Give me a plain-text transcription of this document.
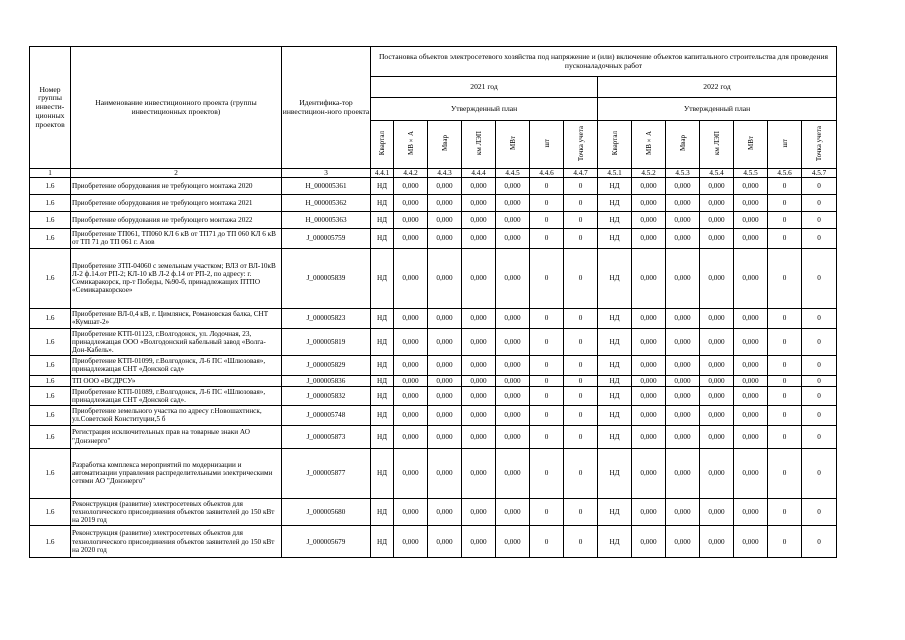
Номер группы инвести-ционных проектов	Наименование инвестиционного проекта (группы инвестиционных проектов)	Идентифика-тор инвестицион-ного проекта	Постановка объектов электросетевого хозяйства под напряжение и (или) включение объектов капитального строительства для проведения пусконаладочных работ													
			2021 год							2022 год						
			Утвержденный план							Утвержденный план						
			Квартал	МВ×А	Мвар	км ЛЭП	МВт	шт	Точка учета	Квартал	МВ×А	Мвар	км ЛЭП	МВт	шт	Точка учета
1	2	3	4.4.1	4.4.2	4.4.3	4.4.4	4.4.5	4.4.6	4.4.7	4.5.1	4.5.2	4.5.3	4.5.4	4.5.5	4.5.6	4.5.7
1.6	Приобретение оборудования не требующего монтажа 2020	H_000005361	НД	0,000	0,000	0,000	0,000	0	0	НД	0,000	0,000	0,000	0,000	0	0
1.6	Приобретение оборудования не требующего монтажа 2021	H_000005362	НД	0,000	0,000	0,000	0,000	0	0	НД	0,000	0,000	0,000	0,000	0	0
1.6	Приобретение оборудования не требующего монтажа 2022	H_000005363	НД	0,000	0,000	0,000	0,000	0	0	НД	0,000	0,000	0,000	0,000	0	0
1.6	Приобретение ТП061, ТП060 КЛ 6 кВ от ТП71 до ТП 060 КЛ 6 кВ от ТП 71 до ТП 061 г. Азов	J_000005759	НД	0,000	0,000	0,000	0,000	0	0	НД	0,000	0,000	0,000	0,000	0	0
1.6	Приобретение ЗТП-04060 с земельным участком; ВЛЗ от ВЛ-10кВ Л-2 ф.14.от РП-2; КЛ-10 кВ Л-2 ф.14 от РП-2, по адресу: г. Семикаракорск, пр-т Победы, №90-б, принадлежащих ПТПО «Семикаракорское»	J_000005839	НД	0,000	0,000	0,000	0,000	0	0	НД	0,000	0,000	0,000	0,000	0	0
1.6	Приобретение ВЛ-0,4 кВ, г. Цимлянск, Романовская балка, СНТ «Кумшат-2»	J_000005823	НД	0,000	0,000	0,000	0,000	0	0	НД	0,000	0,000	0,000	0,000	0	0
1.6	Приобретение КТП-01123, г.Волгодонск, ул. Лодочная, 23, принадлежащая ООО «Волгодонский кабельный завод «Волга-Дон-Кабель».	J_000005819	НД	0,000	0,000	0,000	0,000	0	0	НД	0,000	0,000	0,000	0,000	0	0
1.6	Приобретение КТП-01099, г.Волгодонск, Л-6 ПС «Шлюзовая», принадлежащая СНТ «Донской сад»	J_000005829	НД	0,000	0,000	0,000	0,000	0	0	НД	0,000	0,000	0,000	0,000	0	0
1.6	ТП ООО «ВСДРСУ»	J_000005836	НД	0,000	0,000	0,000	0,000	0	0	НД	0,000	0,000	0,000	0,000	0	0
1.6	Приобретение КТП-01089, г.Волгодонск, Л-6 ПС «Шлюзовая», принадлежащая СНТ «Донской сад».	J_000005832	НД	0,000	0,000	0,000	0,000	0	0	НД	0,000	0,000	0,000	0,000	0	0
1.6	Приобретение земельного участка по адресу г.Новошахтинск, ул.Советской Конституции,5 б	J_000005748	НД	0,000	0,000	0,000	0,000	0	0	НД	0,000	0,000	0,000	0,000	0	0
1.6	Регистрация исключительных прав на товарные знаки АО "Донэнерго"	J_000005873	НД	0,000	0,000	0,000	0,000	0	0	НД	0,000	0,000	0,000	0,000	0	0
1.6	Разработка комплекса мероприятий по модернизации и автоматизации управления распределительными электрическими сетями АО "Донэнерго"	J_000005877	НД	0,000	0,000	0,000	0,000	0	0	НД	0,000	0,000	0,000	0,000	0	0
1.6	Реконструкция (развитие) электросетевых объектов для технологического присоединения объектов заявителей до 150 кВт на 2019 год	J_000005680	НД	0,000	0,000	0,000	0,000	0	0	НД	0,000	0,000	0,000	0,000	0	0
1.6	Реконструкция (развитие) электросетевых объектов для технологического присоединения объектов заявителей до 150 кВт на 2020 год	J_000005679	НД	0,000	0,000	0,000	0,000	0	0	НД	0,000	0,000	0,000	0,000	0	0
